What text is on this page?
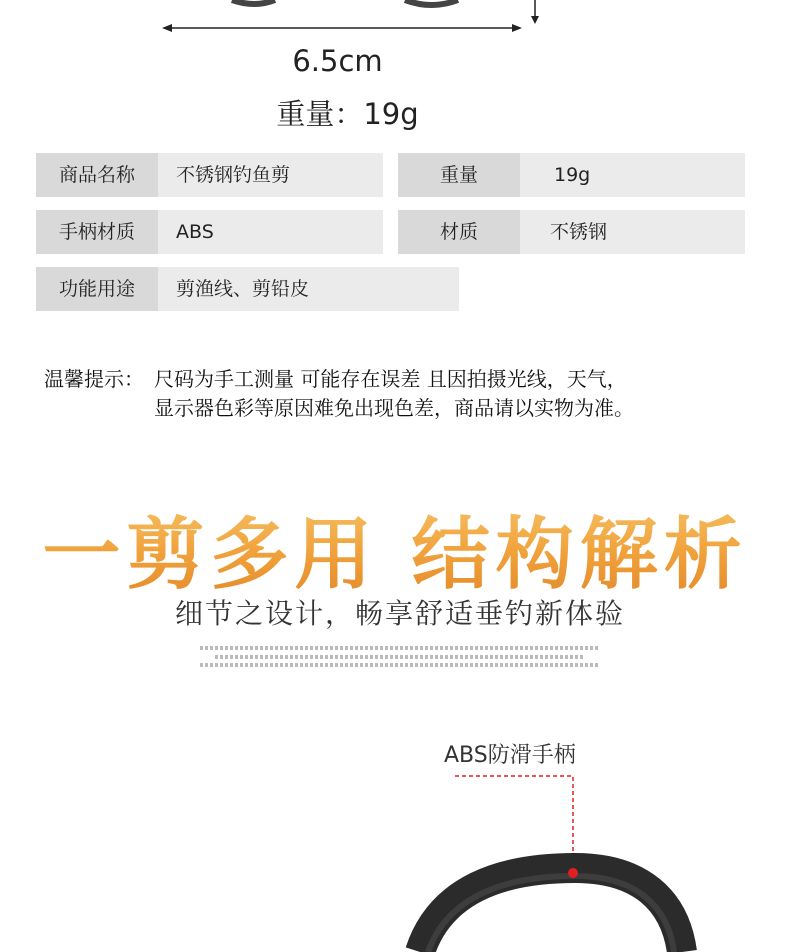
6.5cm
重量：19g
商品名称	不锈钢钓鱼剪	重量	19g
手柄材质	ABS	材质	不锈钢
功能用途	剪渔线、剪铅皮
温馨提示： 尺码为手工测量 可能存在误差 且因拍摄光线，天气，
显示器色彩等原因难免出现色差，商品请以实物为准。
一剪多用 结构解析
细节之设计，畅享舒适垂钓新体验
ABS防滑手柄
